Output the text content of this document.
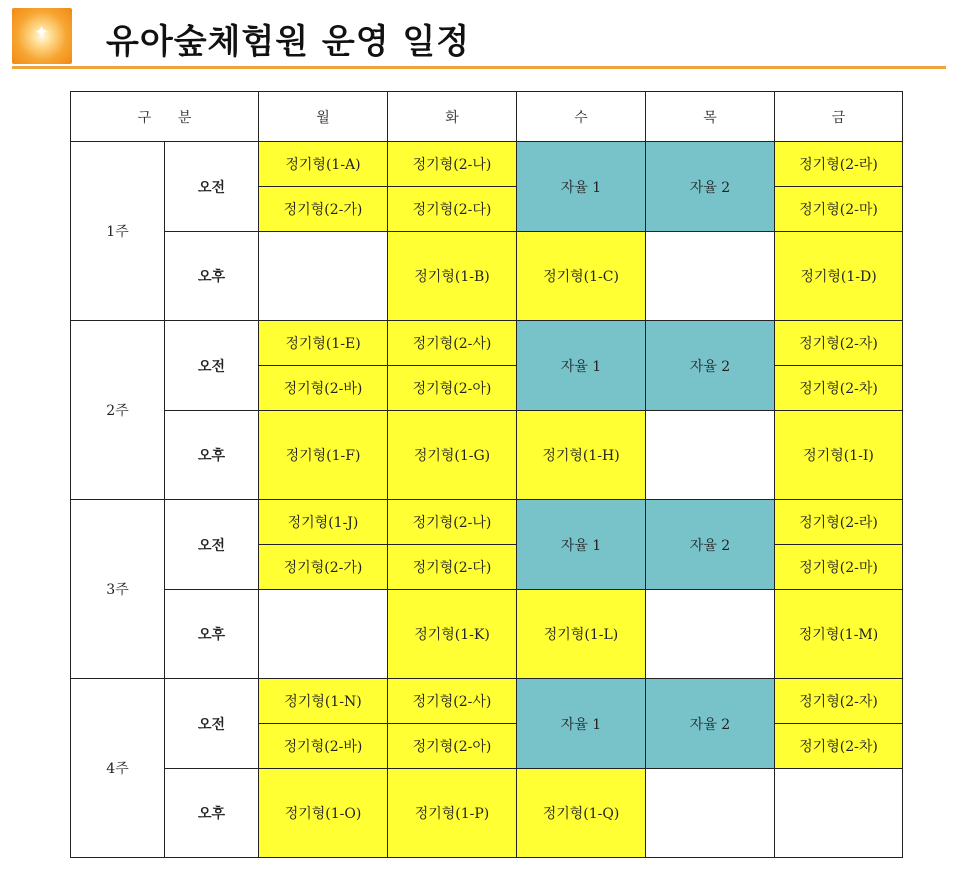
✦ 유아숲체험원 운영 일정
구      분		월	화	수	목	금
1주	오전	정기형(1-A)	정기형(2-나)	자율 1	자율 2	정기형(2-라)
		정기형(2-가)	정기형(2-다)			정기형(2-마)
	오후		정기형(1-B)	정기형(1-C)		정기형(1-D)
2주	오전	정기형(1-E)	정기형(2-사)	자율 1	자율 2	정기형(2-자)
		정기형(2-바)	정기형(2-아)			정기형(2-차)
	오후	정기형(1-F)	정기형(1-G)	정기형(1-H)		정기형(1-I)
3주	오전	정기형(1-J)	정기형(2-나)	자율 1	자율 2	정기형(2-라)
		정기형(2-가)	정기형(2-다)			정기형(2-마)
	오후		정기형(1-K)	정기형(1-L)		정기형(1-M)
4주	오전	정기형(1-N)	정기형(2-사)	자율 1	자율 2	정기형(2-자)
		정기형(2-바)	정기형(2-아)			정기형(2-차)
	오후	정기형(1-O)	정기형(1-P)	정기형(1-Q)		
